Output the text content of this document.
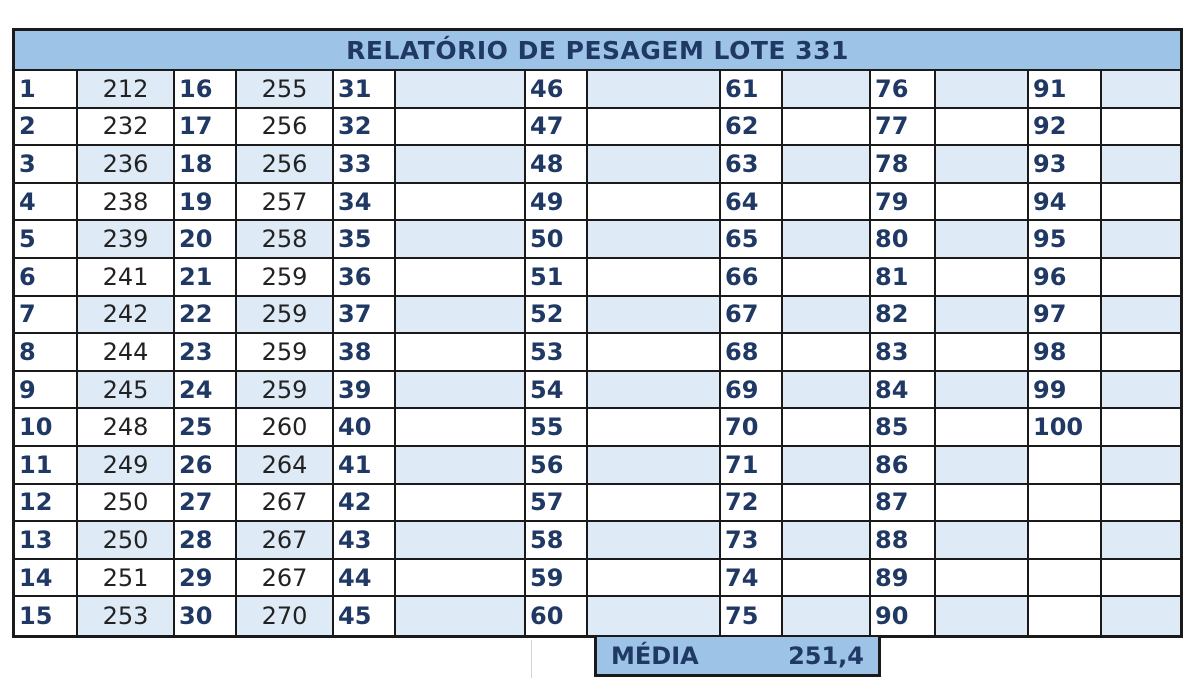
RELATÓRIO DE PESAGEM LOTE 331
1	212	16	255	31	46	61	76	91
2	232	17	256	32	47	62	77	92
3	236	18	256	33	48	63	78	93
4	238	19	257	34	49	64	79	94
5	239	20	258	35	50	65	80	95
6	241	21	259	36	51	66	81	96
7	242	22	259	37	52	67	82	97
8	244	23	259	38	53	68	83	98
9	245	24	259	39	54	69	84	99
10	248	25	260	40	55	70	85	100
11	249	26	264	41	56	71	86
12	250	27	267	42	57	72	87
13	250	28	267	43	58	73	88
14	251	29	267	44	59	74	89
15	253	30	270	45	60	75	90
MÉDIA	251,4
